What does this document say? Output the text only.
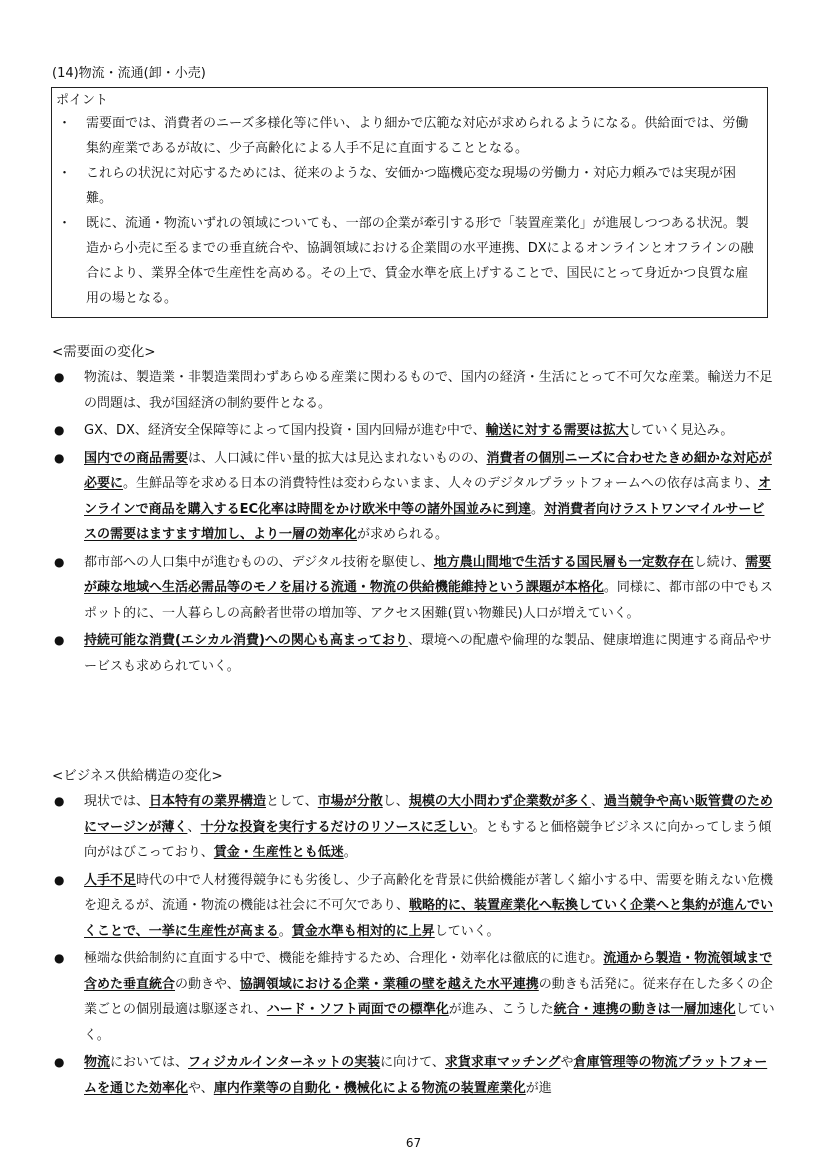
(14)物流・流通(卸・小売)
ポイント
・ 需要面では、消費者のニーズ多様化等に伴い、より細かで広範な対応が求められるようになる。供給面では、労働集約産業であるが故に、少子高齢化による人手不足に直面することとなる。
・ これらの状況に対応するためには、従来のような、安価かつ臨機応変な現場の労働力・対応力頼みでは実現が困難。
・ 既に、流通・物流いずれの領域についても、一部の企業が牽引する形で「装置産業化」が進展しつつある状況。製造から小売に至るまでの垂直統合や、協調領域における企業間の水平連携、DXによるオンラインとオフラインの融合により、業界全体で生産性を高める。その上で、賃金水準を底上げすることで、国民にとって身近かつ良質な雇用の場となる。
<需要面の変化>
● 物流は、製造業・非製造業問わずあらゆる産業に関わるもので、国内の経済・生活にとって不可欠な産業。輸送力不足の問題は、我が国経済の制約要件となる。
● GX、DX、経済安全保障等によって国内投資・国内回帰が進む中で、輸送に対する需要は拡大していく見込み。
● 国内での商品需要は、人口減に伴い量的拡大は見込まれないものの、消費者の個別ニーズに合わせたきめ細かな対応が必要に。生鮮品等を求める日本の消費特性は変わらないまま、人々のデジタルプラットフォームへの依存は高まり、オンラインで商品を購入するEC化率は時間をかけ欧米中等の諸外国並みに到達。対消費者向けラストワンマイルサービスの需要はますます増加し、より一層の効率化が求められる。
● 都市部への人口集中が進むものの、デジタル技術を駆使し、地方農山間地で生活する国民層も一定数存在し続け、需要が疎な地域へ生活必需品等のモノを届ける流通・物流の供給機能維持という課題が本格化。同様に、都市部の中でもスポット的に、一人暮らしの高齢者世帯の増加等、アクセス困難(買い物難民)人口が増えていく。
● 持続可能な消費(エシカル消費)への関心も高まっており、環境への配慮や倫理的な製品、健康増進に関連する商品やサービスも求められていく。
<ビジネス供給構造の変化>
● 現状では、日本特有の業界構造として、市場が分散し、規模の大小問わず企業数が多く、過当競争や高い販管費のためにマージンが薄く、十分な投資を実行するだけのリソースに乏しい。ともすると価格競争ビジネスに向かってしまう傾向がはびこっており、賃金・生産性とも低迷。
● 人手不足時代の中で人材獲得競争にも劣後し、少子高齢化を背景に供給機能が著しく縮小する中、需要を賄えない危機を迎えるが、流通・物流の機能は社会に不可欠であり、戦略的に、装置産業化へ転換していく企業へと集約が進んでいくことで、一挙に生産性が高まる。賃金水準も相対的に上昇していく。
● 極端な供給制約に直面する中で、機能を維持するため、合理化・効率化は徹底的に進む。流通から製造・物流領域まで含めた垂直統合の動きや、協調領域における企業・業種の壁を越えた水平連携の動きも活発に。従来存在した多くの企業ごとの個別最適は駆逐され、ハード・ソフト両面での標準化が進み、こうした統合・連携の動きは一層加速化していく。
● 物流においては、フィジカルインターネットの実装に向けて、求貨求車マッチングや倉庫管理等の物流プラットフォームを通じた効率化や、庫内作業等の自動化・機械化による物流の装置産業化が進
67
